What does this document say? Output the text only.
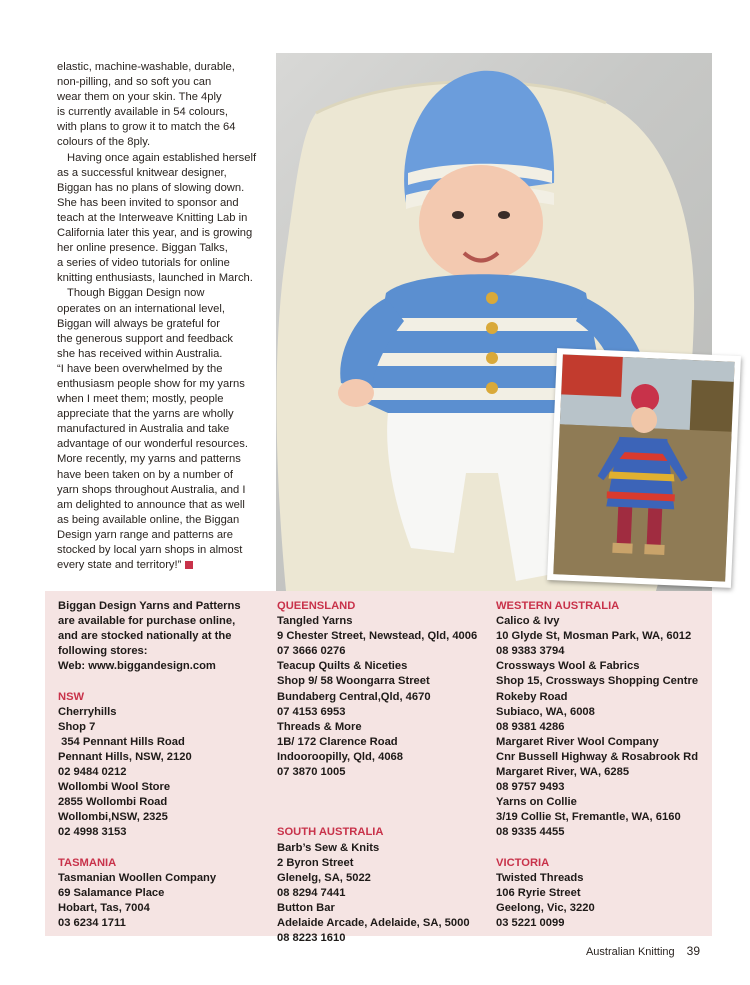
elastic, machine-washable, durable,
non-pilling, and so soft you can
wear them on your skin. The 4ply
is currently available in 54 colours,
with plans to grow it to match the 64
colours of the 8ply.

Having once again established herself
as a successful knitwear designer,
Biggan has no plans of slowing down.
She has been invited to sponsor and
teach at the Interweave Knitting Lab in
California later this year, and is growing
her online presence. Biggan Talks,
a series of video tutorials for online
knitting enthusiasts, launched in March.

Though Biggan Design now
operates on an international level,
Biggan will always be grateful for
the generous support and feedback
she has received within Australia.
“I have been overwhelmed by the
enthusiasm people show for my yarns
when I meet them; mostly, people
appreciate that the yarns are wholly
manufactured in Australia and take
advantage of our wonderful resources.
More recently, my yarns and patterns
have been taken on by a number of
yarn shops throughout Australia, and I
am delighted to announce that as well
as being available online, the Biggan
Design yarn range and patterns are
stocked by local yarn shops in almost
every state and territory!”

Biggan Design Yarns and Patterns
are available for purchase online,
and are stocked nationally at the
following stores:
Web: www.biggandesign.com
NSW
Cherryhills
Shop 7
354 Pennant Hills Road
Pennant Hills, NSW, 2120
02 9484 0212
Wollombi Wool Store
2855 Wollombi Road
Wollombi,NSW, 2325
02 4998 3153
TASMANIA
Tasmanian Woollen Company
69 Salamance Place
Hobart, Tas, 7004
03 6234 1711
QUEENSLAND
Tangled Yarns
9 Chester Street, Newstead, Qld, 4006
07 3666 0276
Teacup Quilts & Niceties
Shop 9/ 58 Woongarra Street
Bundaberg Central,Qld, 4670
07 4153 6953
Threads & More
1B/ 172 Clarence Road
Indooroopilly, Qld, 4068
07 3870 1005
SOUTH AUSTRALIA
Barb’s Sew & Knits
2 Byron Street
Glenelg, SA, 5022
08 8294 7441
Button Bar
Adelaide Arcade, Adelaide, SA, 5000
08 8223 1610
WESTERN AUSTRALIA
Calico & Ivy
10 Glyde St, Mosman Park, WA, 6012
08 9383 3794
Crossways Wool & Fabrics
Shop 15, Crossways Shopping Centre
Rokeby Road
Subiaco, WA, 6008
08 9381 4286
Margaret River Wool Company
Cnr Bussell Highway & Rosabrook Rd
Margaret River, WA, 6285
08 9757 9493
Yarns on Collie
3/19 Collie St, Fremantle, WA, 6160
08 9335 4455
VICTORIA
Twisted Threads
106 Ryrie Street
Geelong, Vic, 3220
03 5221 0099
Australian Knitting 39
